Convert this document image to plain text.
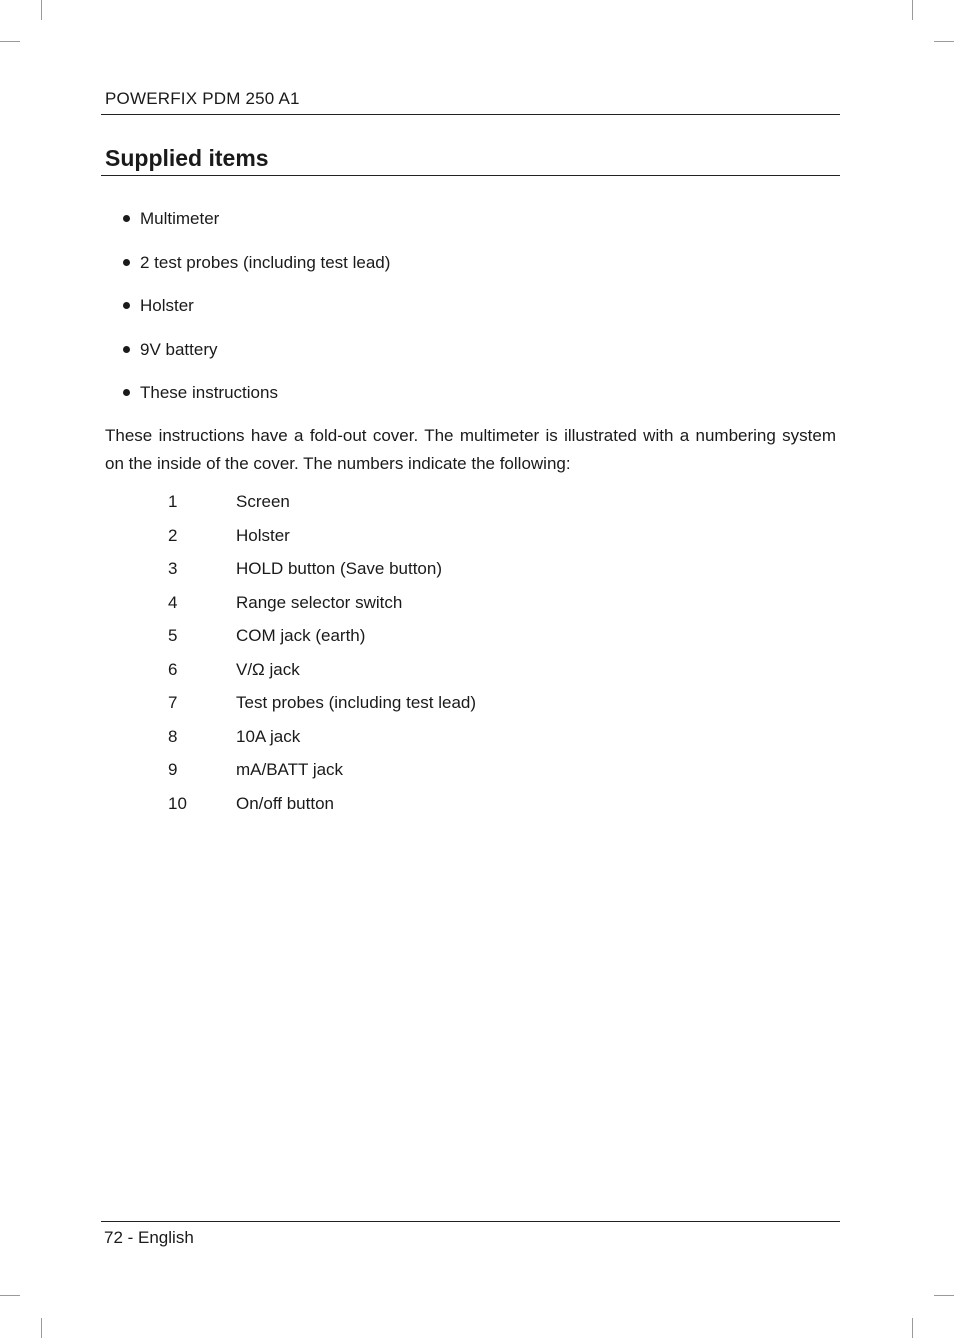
POWERFIX PDM 250 A1
Supplied items
Multimeter
2 test probes (including test lead)
Holster
9V battery
These instructions

These instructions have a fold-out cover. The multimeter is illustrated with a numbering system on the inside of the cover. The numbers indicate the following:

1	Screen
2	Holster
3	HOLD button (Save button)
4	Range selector switch
5	COM jack (earth)
6	V/Ω jack
7	Test probes (including test lead)
8	10A jack
9	mA/BATT jack
10	On/off button
72 - English
